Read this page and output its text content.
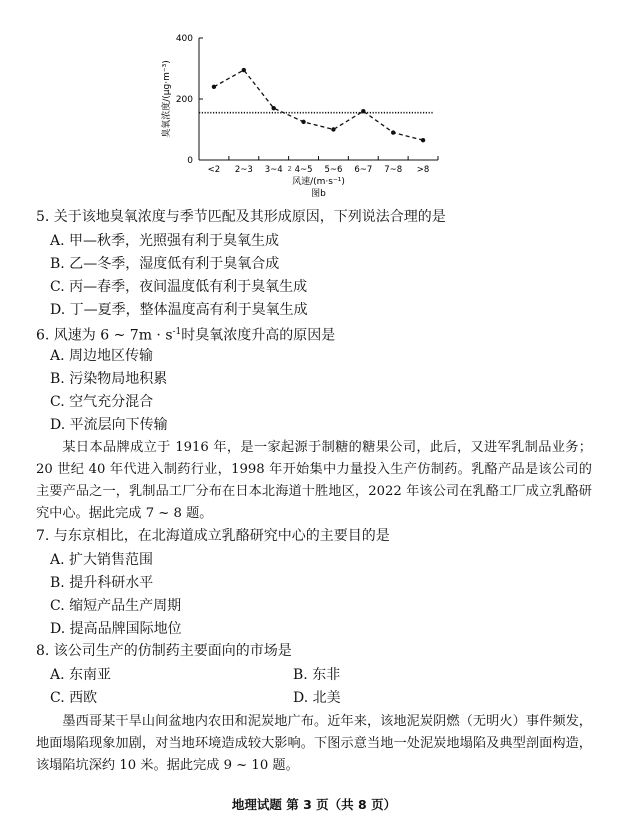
0
200
400
<2 2~3 3~4 4~5 5~6 6~7 7~8 >8
2
臭氧浓度/(μg·m⁻³)
风速/(m·s⁻¹)
图b
5. 关于该地臭氧浓度与季节匹配及其形成原因，下列说法合理的是
A. 甲—秋季，光照强有利于臭氧生成
B. 乙—冬季，湿度低有利于臭氧合成
C. 丙—春季，夜间温度低有利于臭氧生成
D. 丁—夏季，整体温度高有利于臭氧生成
6. 风速为 6 ~ $7m \cdot s^{-1}$时臭氧浓度升高的原因是
A. 周边地区传输
B. 污染物局地积累
C. 空气充分混合
D. 平流层向下传输

某日本品牌成立于 1916 年，是一家起源于制糖的糖果公司，此后，又进军乳制品业务；20 世纪 40 年代进入制药行业，1998 年开始集中力量投入生产仿制药。乳酪产品是该公司的主要产品之一，乳制品工厂分布在日本北海道十胜地区，2022 年该公司在乳酪工厂成立乳酪研究中心。据此完成 7 ~ 8 题。

7. 与东京相比，在北海道成立乳酪研究中心的主要目的是
A. 扩大销售范围
B. 提升科研水平
C. 缩短产品生产周期
D. 提高品牌国际地位
8. 该公司生产的仿制药主要面向的市场是
A. 东南亚	B. 东非
C. 西欧	D. 北美

墨西哥某干旱山间盆地内农田和泥炭地广布。近年来，该地泥炭阴燃（无明火）事件频发，地面塌陷现象加剧，对当地环境造成较大影响。下图示意当地一处泥炭地塌陷及典型剖面构造，该塌陷坑深约 10 米。据此完成 9 ~ 10 题。

地理试题 第 3 页（共 8 页）
